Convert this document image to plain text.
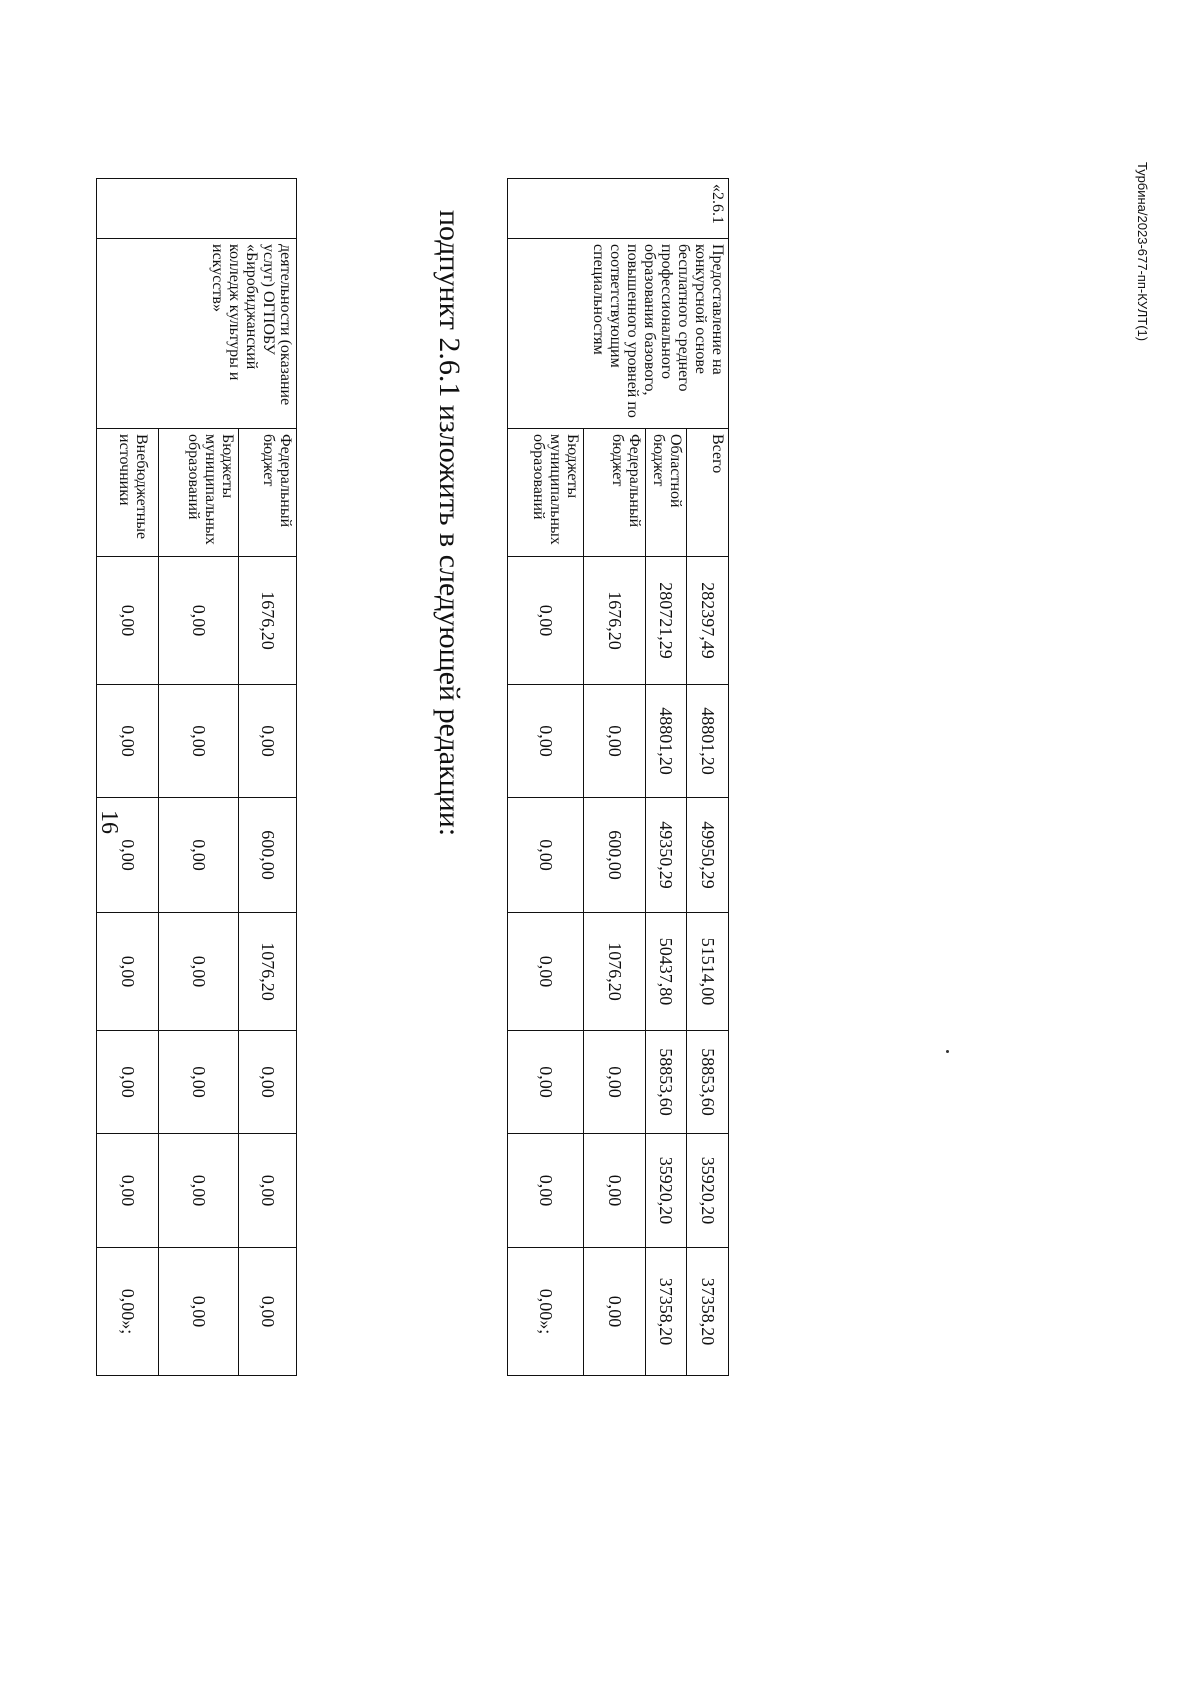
Турбина/2023-677-пп-КУЛТ(1)
16
	деятельности (оказание услуг) ОГПОБУ «Биробиджанский колледж культуры и искусств»	Федеральный бюджет	1676,20	0,00	600,00	1076,20	0,00	0,00	0,00
		Бюджеты муниципальных образований	0,00	0,00	0,00	0,00	0,00	0,00	0,00
		Внебюджетные источники	0,00	0,00	0,00	0,00	0,00	0,00	0,00»;
подпункт 2.6.1 изложить в следующей редакции:
«2.6.1	Предоставление на конкурсной основе бесплатного среднего профессионального образования базового, повышенного уровней по соответствующим специальностям	Всего	282397,49	48801,20	49950,29	51514,00	58853,60	35920,20	37358,20
		Областной бюджет	280721,29	48801,20	49350,29	50437,80	58853,60	35920,20	37358,20
		Федеральный бюджет	1676,20	0,00	600,00	1076,20	0,00	0,00	0,00
		Бюджеты муниципальных образований	0,00	0,00	0,00	0,00	0,00	0,00	0,00»;
